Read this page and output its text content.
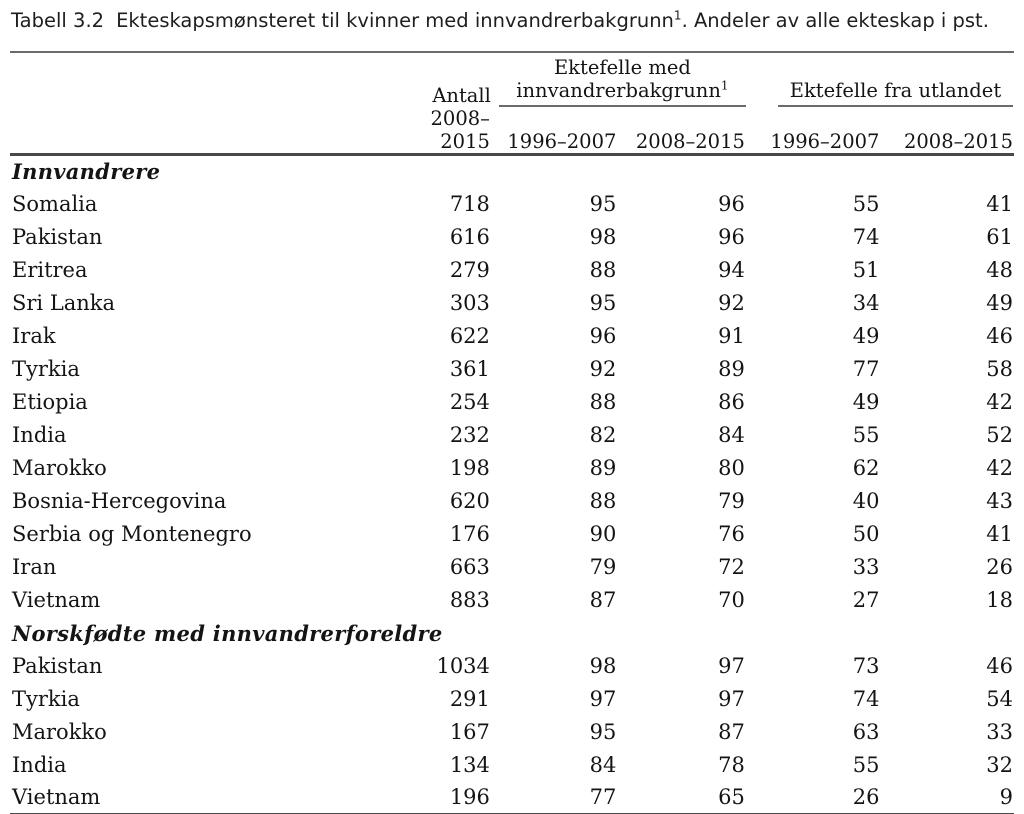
Tabell 3.2 Ekteskapsmønsteret til kvinner med innvandrerbakgrunn$^1$. Andeler av alle ekteskap i pst.
	Antall	Ektefelle med
innvandrerbakgrunn$^1$		Ektefelle fra utlandet	

	2008–2015	1996–2007	2008–2015	1996–2007	2008–2015
Innvandrere					
Somalia	718	95	96	55	41
Pakistan	616	98	96	74	61
Eritrea	279	88	94	51	48
Sri Lanka	303	95	92	34	49
Irak	622	96	91	49	46
Tyrkia	361	92	89	77	58
Etiopia	254	88	86	49	42
India	232	82	84	55	52
Marokko	198	89	80	62	42
Bosnia-Hercegovina	620	88	79	40	43
Serbia og Montenegro	176	90	76	50	41
Iran	663	79	72	33	26
Vietnam	883	87	70	27	18
Norskfødte med innvandrerforeldre					
Pakistan	1034	98	97	73	46
Tyrkia	291	97	97	74	54
Marokko	167	95	87	63	33
India	134	84	78	55	32
Vietnam	196	77	65	26	9
